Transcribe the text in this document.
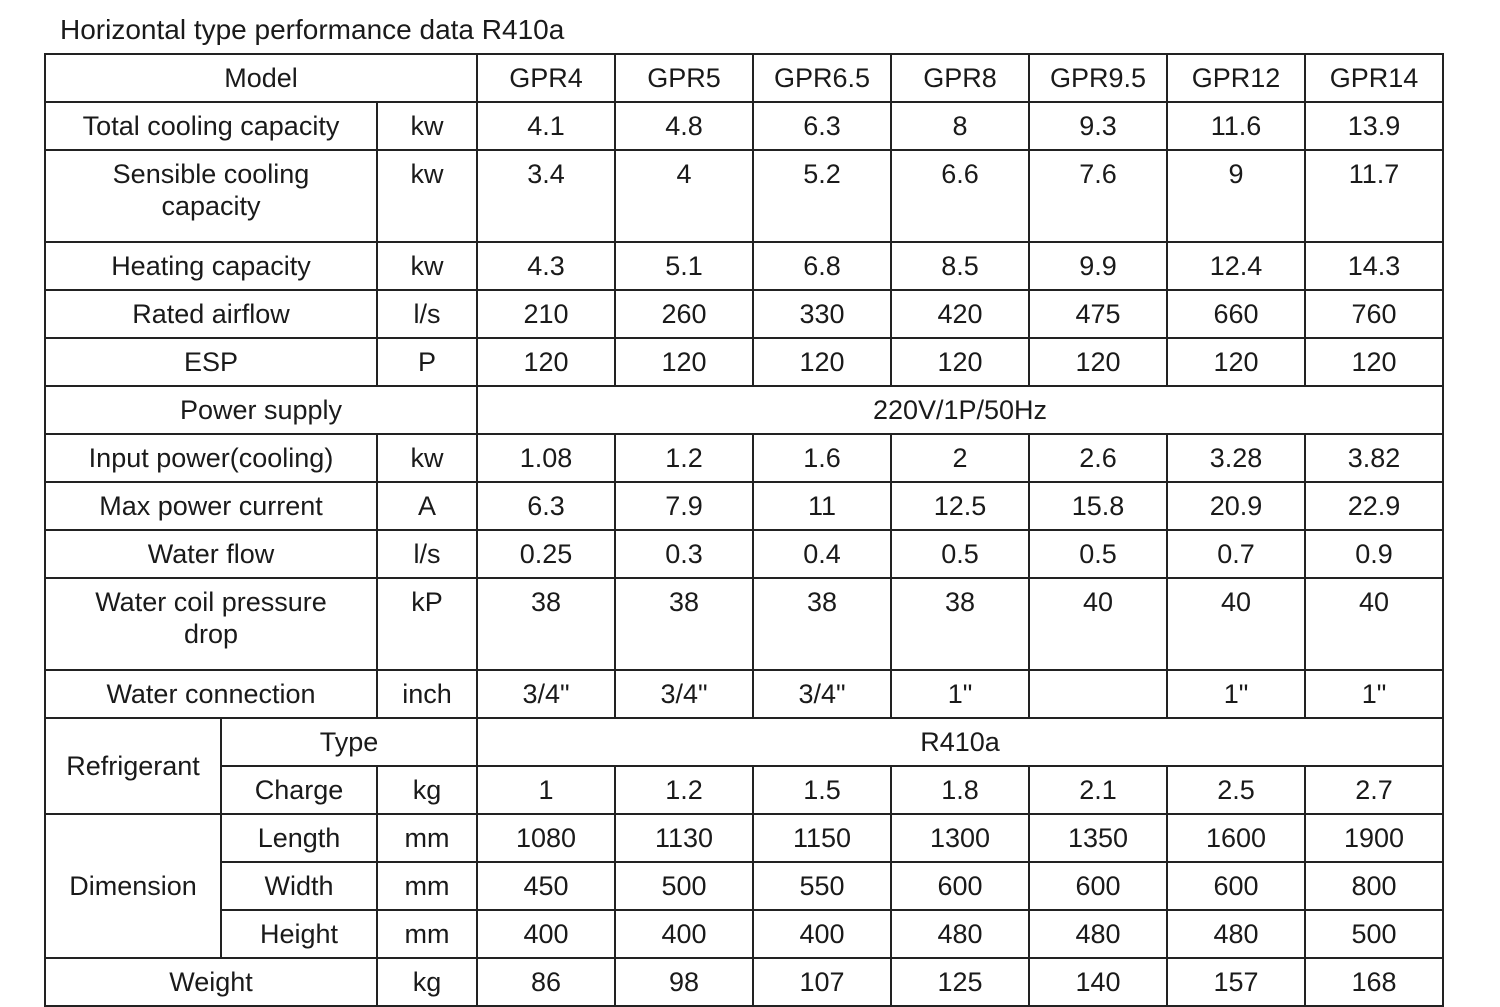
Horizontal type performance data R410a
Model			GPR4	GPR5	GPR6.5	GPR8	GPR9.5	GPR12	GPR14
Total cooling capacity		kw	4.1	4.8	6.3	8	9.3	11.6	13.9
Sensible cooling
capacity		kw	3.4	4	5.2	6.6	7.6	9	11.7
Heating capacity		kw	4.3	5.1	6.8	8.5	9.9	12.4	14.3
Rated airflow		l/s	210	260	330	420	475	660	760
ESP		P	120	120	120	120	120	120	120
Power supply			220V/1P/50Hz						
Input power(cooling)		kw	1.08	1.2	1.6	2	2.6	3.28	3.82
Max power current		A	6.3	7.9	11	12.5	15.8	20.9	22.9
Water flow		l/s	0.25	0.3	0.4	0.5	0.5	0.7	0.9
Water coil pressure
drop		kP	38	38	38	38	40	40	40
Water connection		inch	3/4"	3/4"	3/4"	1"		1"	1"
Refrigerant	Type		R410a						
	Charge	kg	1	1.2	1.5	1.8	2.1	2.5	2.7
Dimension	Length	mm	1080	1130	1150	1300	1350	1600	1900
	Width	mm	450	500	550	600	600	600	800
	Height	mm	400	400	400	480	480	480	500
Weight		kg	86	98	107	125	140	157	168
